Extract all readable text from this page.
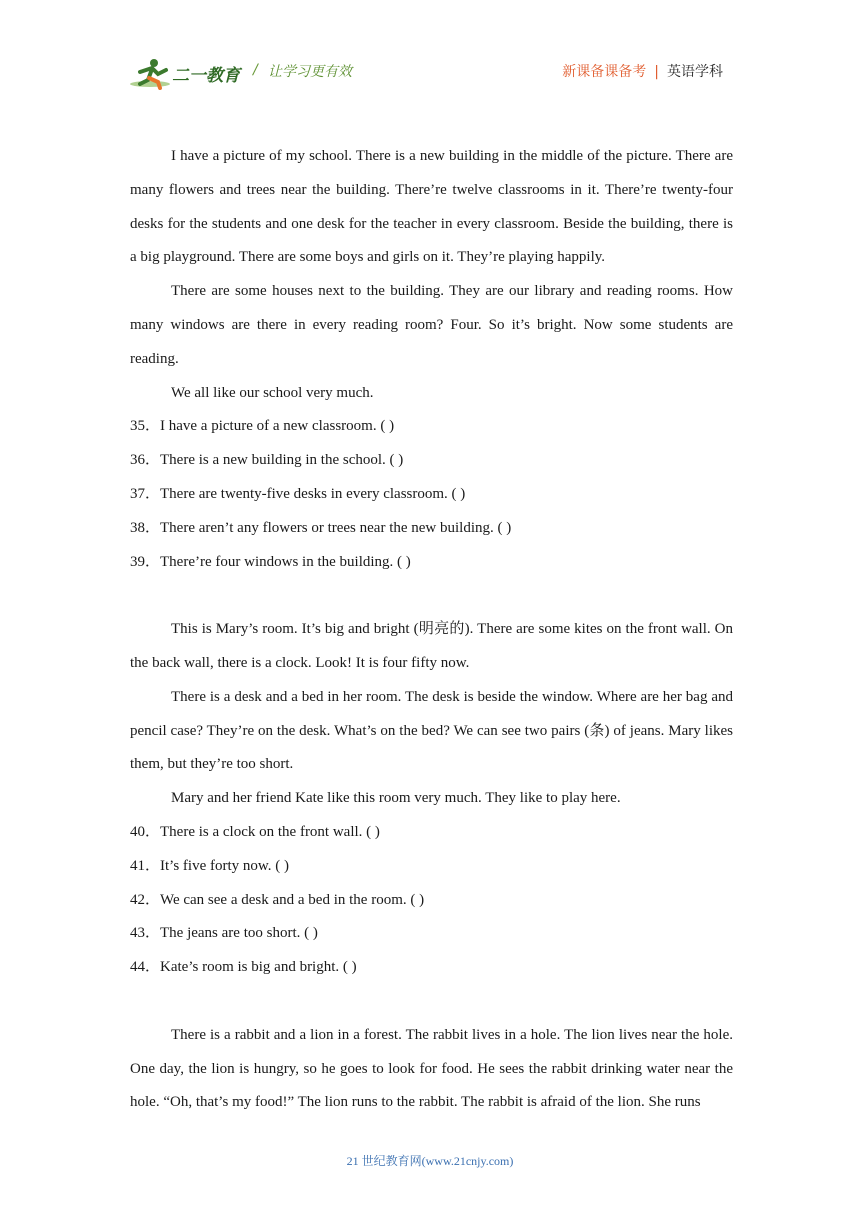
二一教育 / 让学习更有效	新课备课备考 | 英语学科

I have a picture of my school. There is a new building in the middle of the picture. There are many flowers and trees near the building. There’re twelve classrooms in it. There’re twenty-four desks for the students and one desk for the teacher in every classroom. Beside the building, there is a big playground. There are some boys and girls on it. They’re playing happily.

There are some houses next to the building. They are our library and reading rooms. How many windows are there in every reading room? Four. So it’s bright. Now some students are reading.

We all like our school very much.

35．I have a picture of a new classroom. ( )

36．There is a new building in the school. ( )

37．There are twenty-five desks in every classroom. ( )

38．There aren’t any flowers or trees near the new building. ( )

39．There’re four windows in the building. ( )

This is Mary’s room. It’s big and bright (明亮的). There are some kites on the front wall. On the back wall, there is a clock. Look! It is four fifty now.

There is a desk and a bed in her room. The desk is beside the window. Where are her bag and pencil case? They’re on the desk. What’s on the bed? We can see two pairs (条) of jeans. Mary likes them, but they’re too short.

Mary and her friend Kate like this room very much. They like to play here.

40．There is a clock on the front wall. ( )

41．It’s five forty now. ( )

42．We can see a desk and a bed in the room. ( )

43．The jeans are too short. ( )

44．Kate’s room is big and bright. ( )

There is a rabbit and a lion in a forest. The rabbit lives in a hole. The lion lives near the hole. One day, the lion is hungry, so he goes to look for food. He sees the rabbit drinking water near the hole. “Oh, that’s my food!” The lion runs to the rabbit. The rabbit is afraid of the lion. She runs

21 世纪教育网(www.21cnjy.com)
